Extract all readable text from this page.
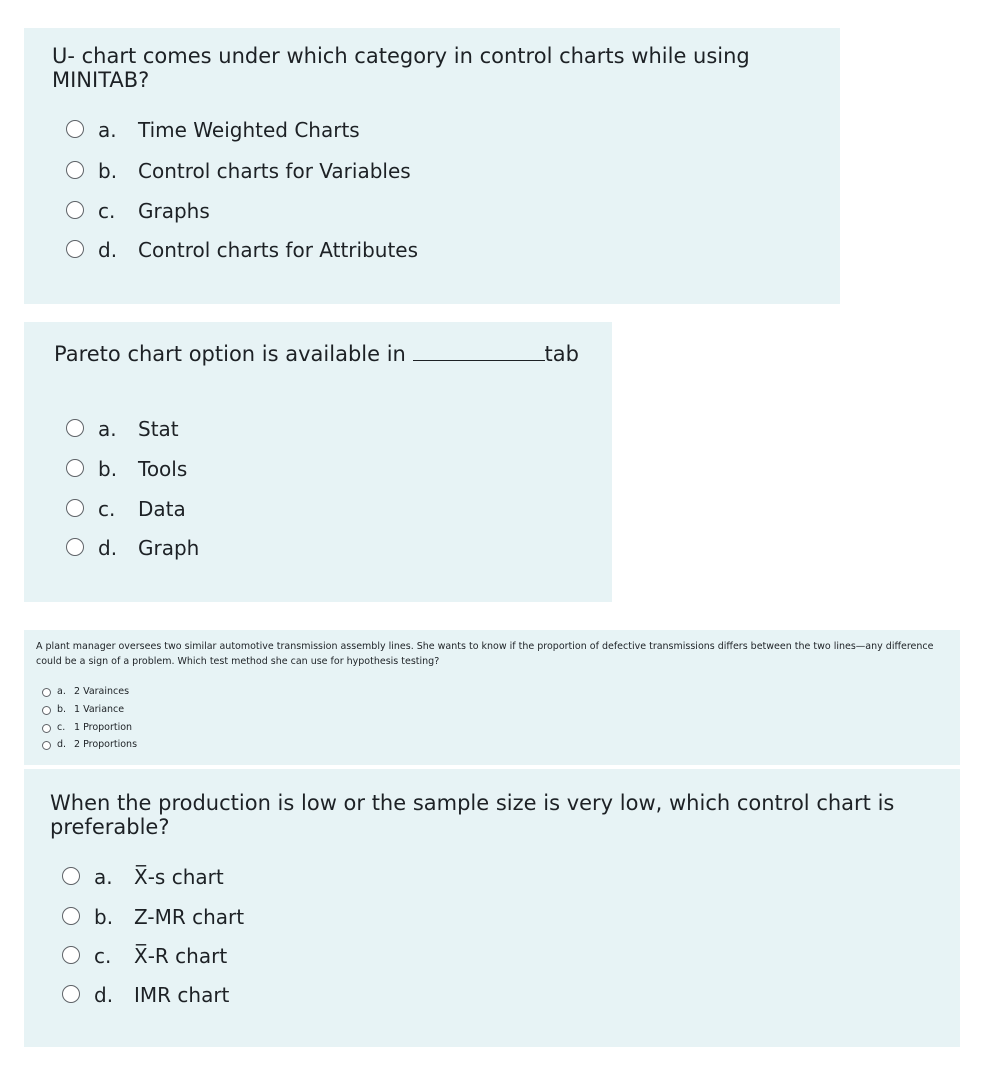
U- chart comes under which category in control charts while using MINITAB?

a. Time Weighted Charts
b. Control charts for Variables
c. Graphs
d. Control charts for Attributes

Pareto chart option is available in	tab

a. Stat
b. Tools
c. Data
d. Graph

A plant manager oversees two similar automotive transmission assembly lines. She wants to know if the proportion of defective transmissions differs between the two lines—any difference could be a sign of a problem. Which test method she can use for hypothesis testing?

a. 2 Varainces
b. 1 Variance
c. 1 Proportion
d. 2 Proportions

When the production is low or the sample size is very low, which control chart is preferable?

a. X̅-s chart
b. Z-MR chart
c. X̅-R chart
d. IMR chart
